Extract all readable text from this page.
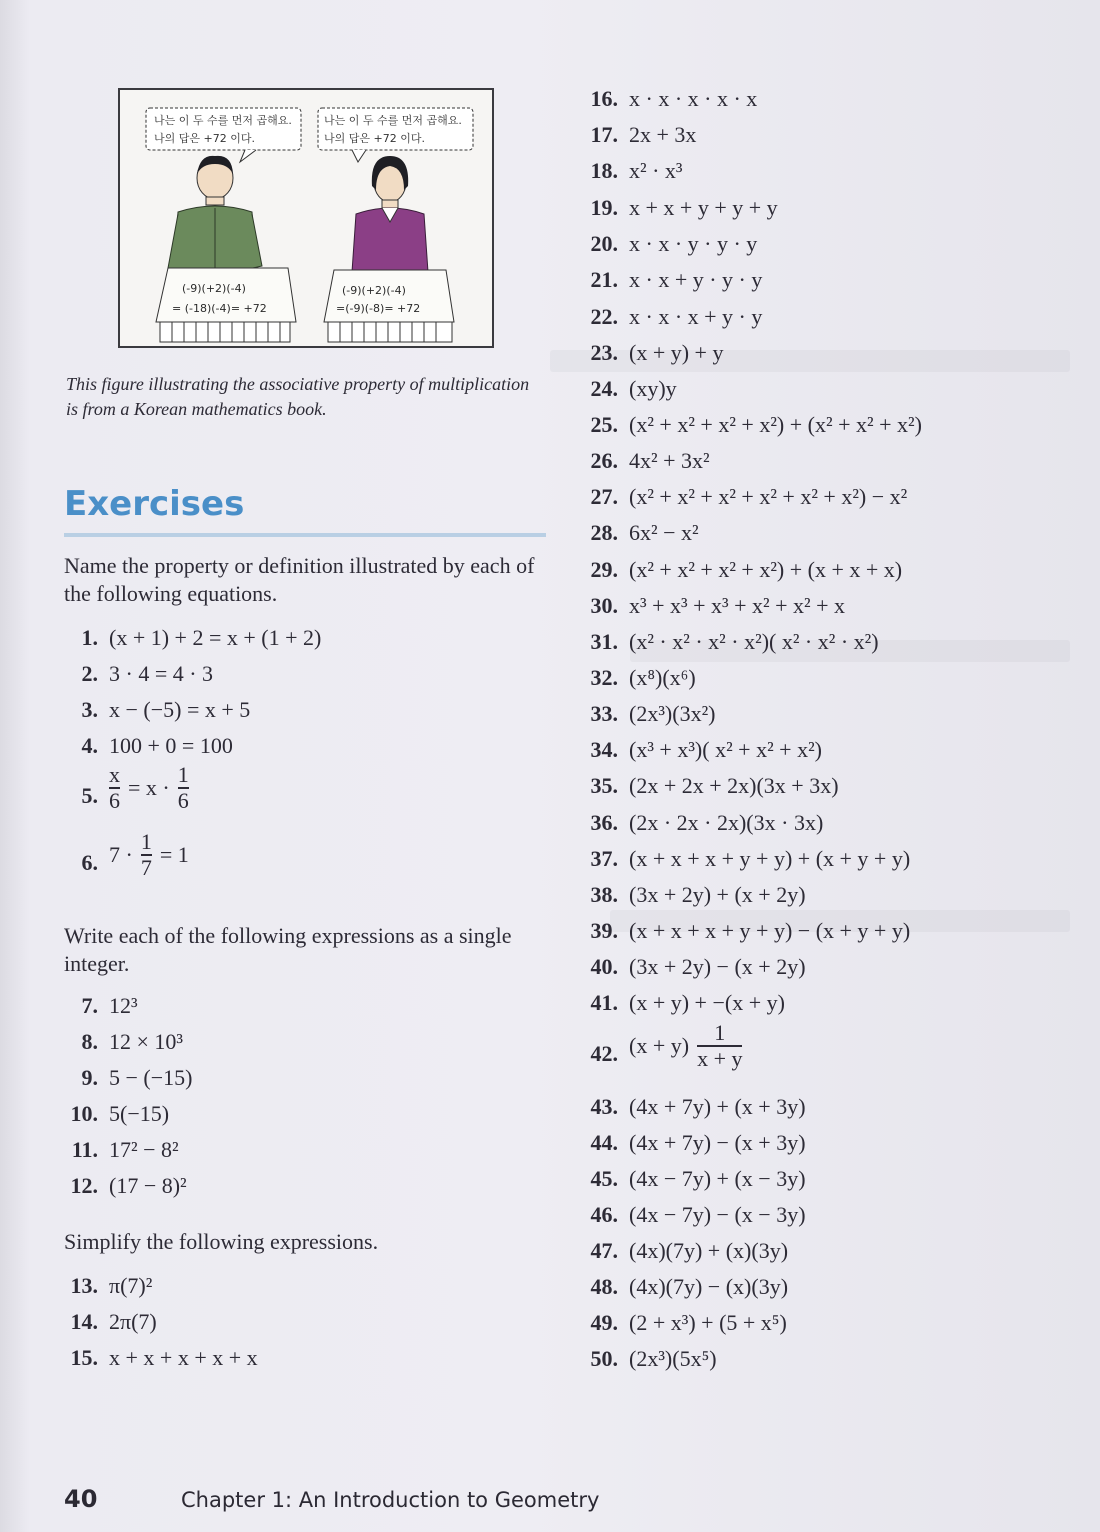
나는 이 두 수를 먼저 곱해요.
나의 답은 +72 이다.
나는 이 두 수를 먼저 곱해요.
나의 답은 +72 이다.
(-9)(+2)(-4)
= (-18)(-4)= +72
(-9)(+2)(-4)
=(-9)(-8)= +72

This figure illustrating the associative property of multiplication is from a Korean mathematics book.

Exercises

Name the property or definition illustrated by each of the following equations.

1. (x + 1) + 2 = x + (1 + 2)
2. 3 · 4 = 4 · 3
3. x − (−5) = x + 5
4. 100 + 0 = 100
5. $\frac{x}{6} = x \cdot \frac{1}{6}$
6. $7 \cdot \frac{1}{7} = 1$

Write each of the following expressions as a single integer.

7. 12³
8. 12 × 10³
9. 5 − (−15)
10. 5(−15)
11. 17² − 8²
12. (17 − 8)²

Simplify the following expressions.

13. π(7)²
14. 2π(7)
15. x + x + x + x + x
16. x · x · x · x · x
17. 2x + 3x
18. x² · x³
19. x + x + y + y + y
20. x · x · y · y · y
21. x · x + y · y · y
22. x · x · x + y · y
23. (x + y) + y
24. (xy)y
25. (x² + x² + x² + x²) + (x² + x² + x²)
26. 4x² + 3x²
27. (x² + x² + x² + x² + x² + x²) − x²
28. 6x² − x²
29. (x² + x² + x² + x²) + (x + x + x)
30. x³ + x³ + x³ + x² + x² + x
31. (x² · x² · x² · x²)( x² · x² · x²)
32. (x⁸)(x⁶)
33. (2x³)(3x²)
34. (x³ + x³)( x² + x² + x²)
35. (2x + 2x + 2x)(3x + 3x)
36. (2x · 2x · 2x)(3x · 3x)
37. (x + x + x + y + y) + (x + y + y)
38. (3x + 2y) + (x + 2y)
39. (x + x + x + y + y) − (x + y + y)
40. (3x + 2y) − (x + 2y)
41. (x + y) + −(x + y)
42. $(x + y) \frac{1}{x + y}$
43. (4x + 7y) + (x + 3y)
44. (4x + 7y) − (x + 3y)
45. (4x − 7y) + (x − 3y)
46. (4x − 7y) − (x − 3y)
47. (4x)(7y) + (x)(3y)
48. (4x)(7y) − (x)(3y)
49. (2 + x³) + (5 + x⁵)
50. (2x³)(5x⁵)
40	Chapter 1: An Introduction to Geometry
